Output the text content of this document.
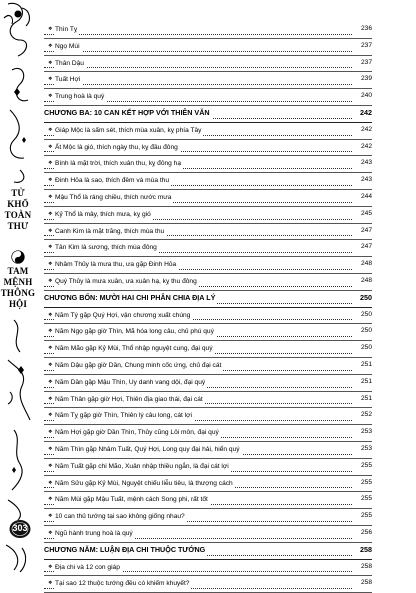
TỬ
KHỔ
TOÀN
THƯ
TAM
MỆNH
THÔNG
HỘI
303
❖ Thìn Tỵ	236
❖ Ngọ Mùi	237
❖ Thân Dậu	237
❖ Tuất Hợi	239
❖ Trung hoà là quý	240
CHƯƠNG BA: 10 CAN KẾT HỢP VỚI THIÊN VĂN	242
❖ Giáp Mộc là sấm sét, thích mùa xuân, kỵ phía Tây	242
❖ Ất Mộc là gió, thích ngày thu, kỵ đầu đông	242
❖ Bính là mặt trời, thích xuân thu, kỵ đông hạ	243
❖ Đinh Hỏa là sao, thích đêm và mùa thu	243
❖ Mậu Thổ là ráng chiều, thích nước mưa	244
❖ Kỷ Thổ là mây, thích mưa, kỵ gió	245
❖ Canh Kim là mặt trăng, thích mùa thu	247
❖ Tân Kim là sương, thích mùa đông	247
❖ Nhâm Thủy là mưa thu, ưa gặp Đinh Hỏa	248
❖ Quý Thủy là mưa xuân, ưa xuân hạ, kỵ thu đông	248
CHƯƠNG BỐN: MƯỜI HAI CHI PHÂN CHIA ĐỊA LÝ	250
❖ Năm Tý gặp Quý Hợi, vận chương xuất chúng	250
❖ Năm Ngọ gặp giờ Thìn, Mã hóa long câu, chủ phú quý	250
❖ Năm Mão gặp Kỷ Mùi, Thổ nhập nguyệt cung, đại quý	250
❖ Năm Dậu gặp giờ Dần, Chung minh cốc ứng, chủ đại cát	251
❖ Năm Dần gặp Mậu Thìn, Uy danh vang dội, đại quý	251
❖ Năm Thân gặp giờ Hợi, Thiên địa giao thái, đại cát	251
❖ Năm Tỵ gặp giờ Thìn, Thiên lý câu long, cát lợi	252
❖ Năm Hợi gặp giờ Dần Thìn, Thủy cũng Lôi môn, đại quý	253
❖ Năm Thìn gặp Nhâm Tuất, Quý Hợi, Long quy đại hải, hiển quý	253
❖ Năm Tuất gặp chi Mão, Xuân nhập thiều ngắn, là đại cát lợi	255
❖ Năm Sửu gặp Kỷ Mùi, Nguyệt chiếu liễu tiêu, là thượng cách	255
❖ Năm Mùi gặp Mậu Tuất, mệnh cách Song phi, rất tốt	255
❖ 10 can thủ tướng tại sao không giống nhau?	255
❖ Ngũ hành trung hoà là quý	256
CHƯƠNG NĂM: LUẬN ĐỊA CHI THUỘC TƯỚNG	258
❖ Địa chi và 12 con giáp	258
❖ Tại sao 12 thuộc tướng đều có khiếm khuyết?	258
